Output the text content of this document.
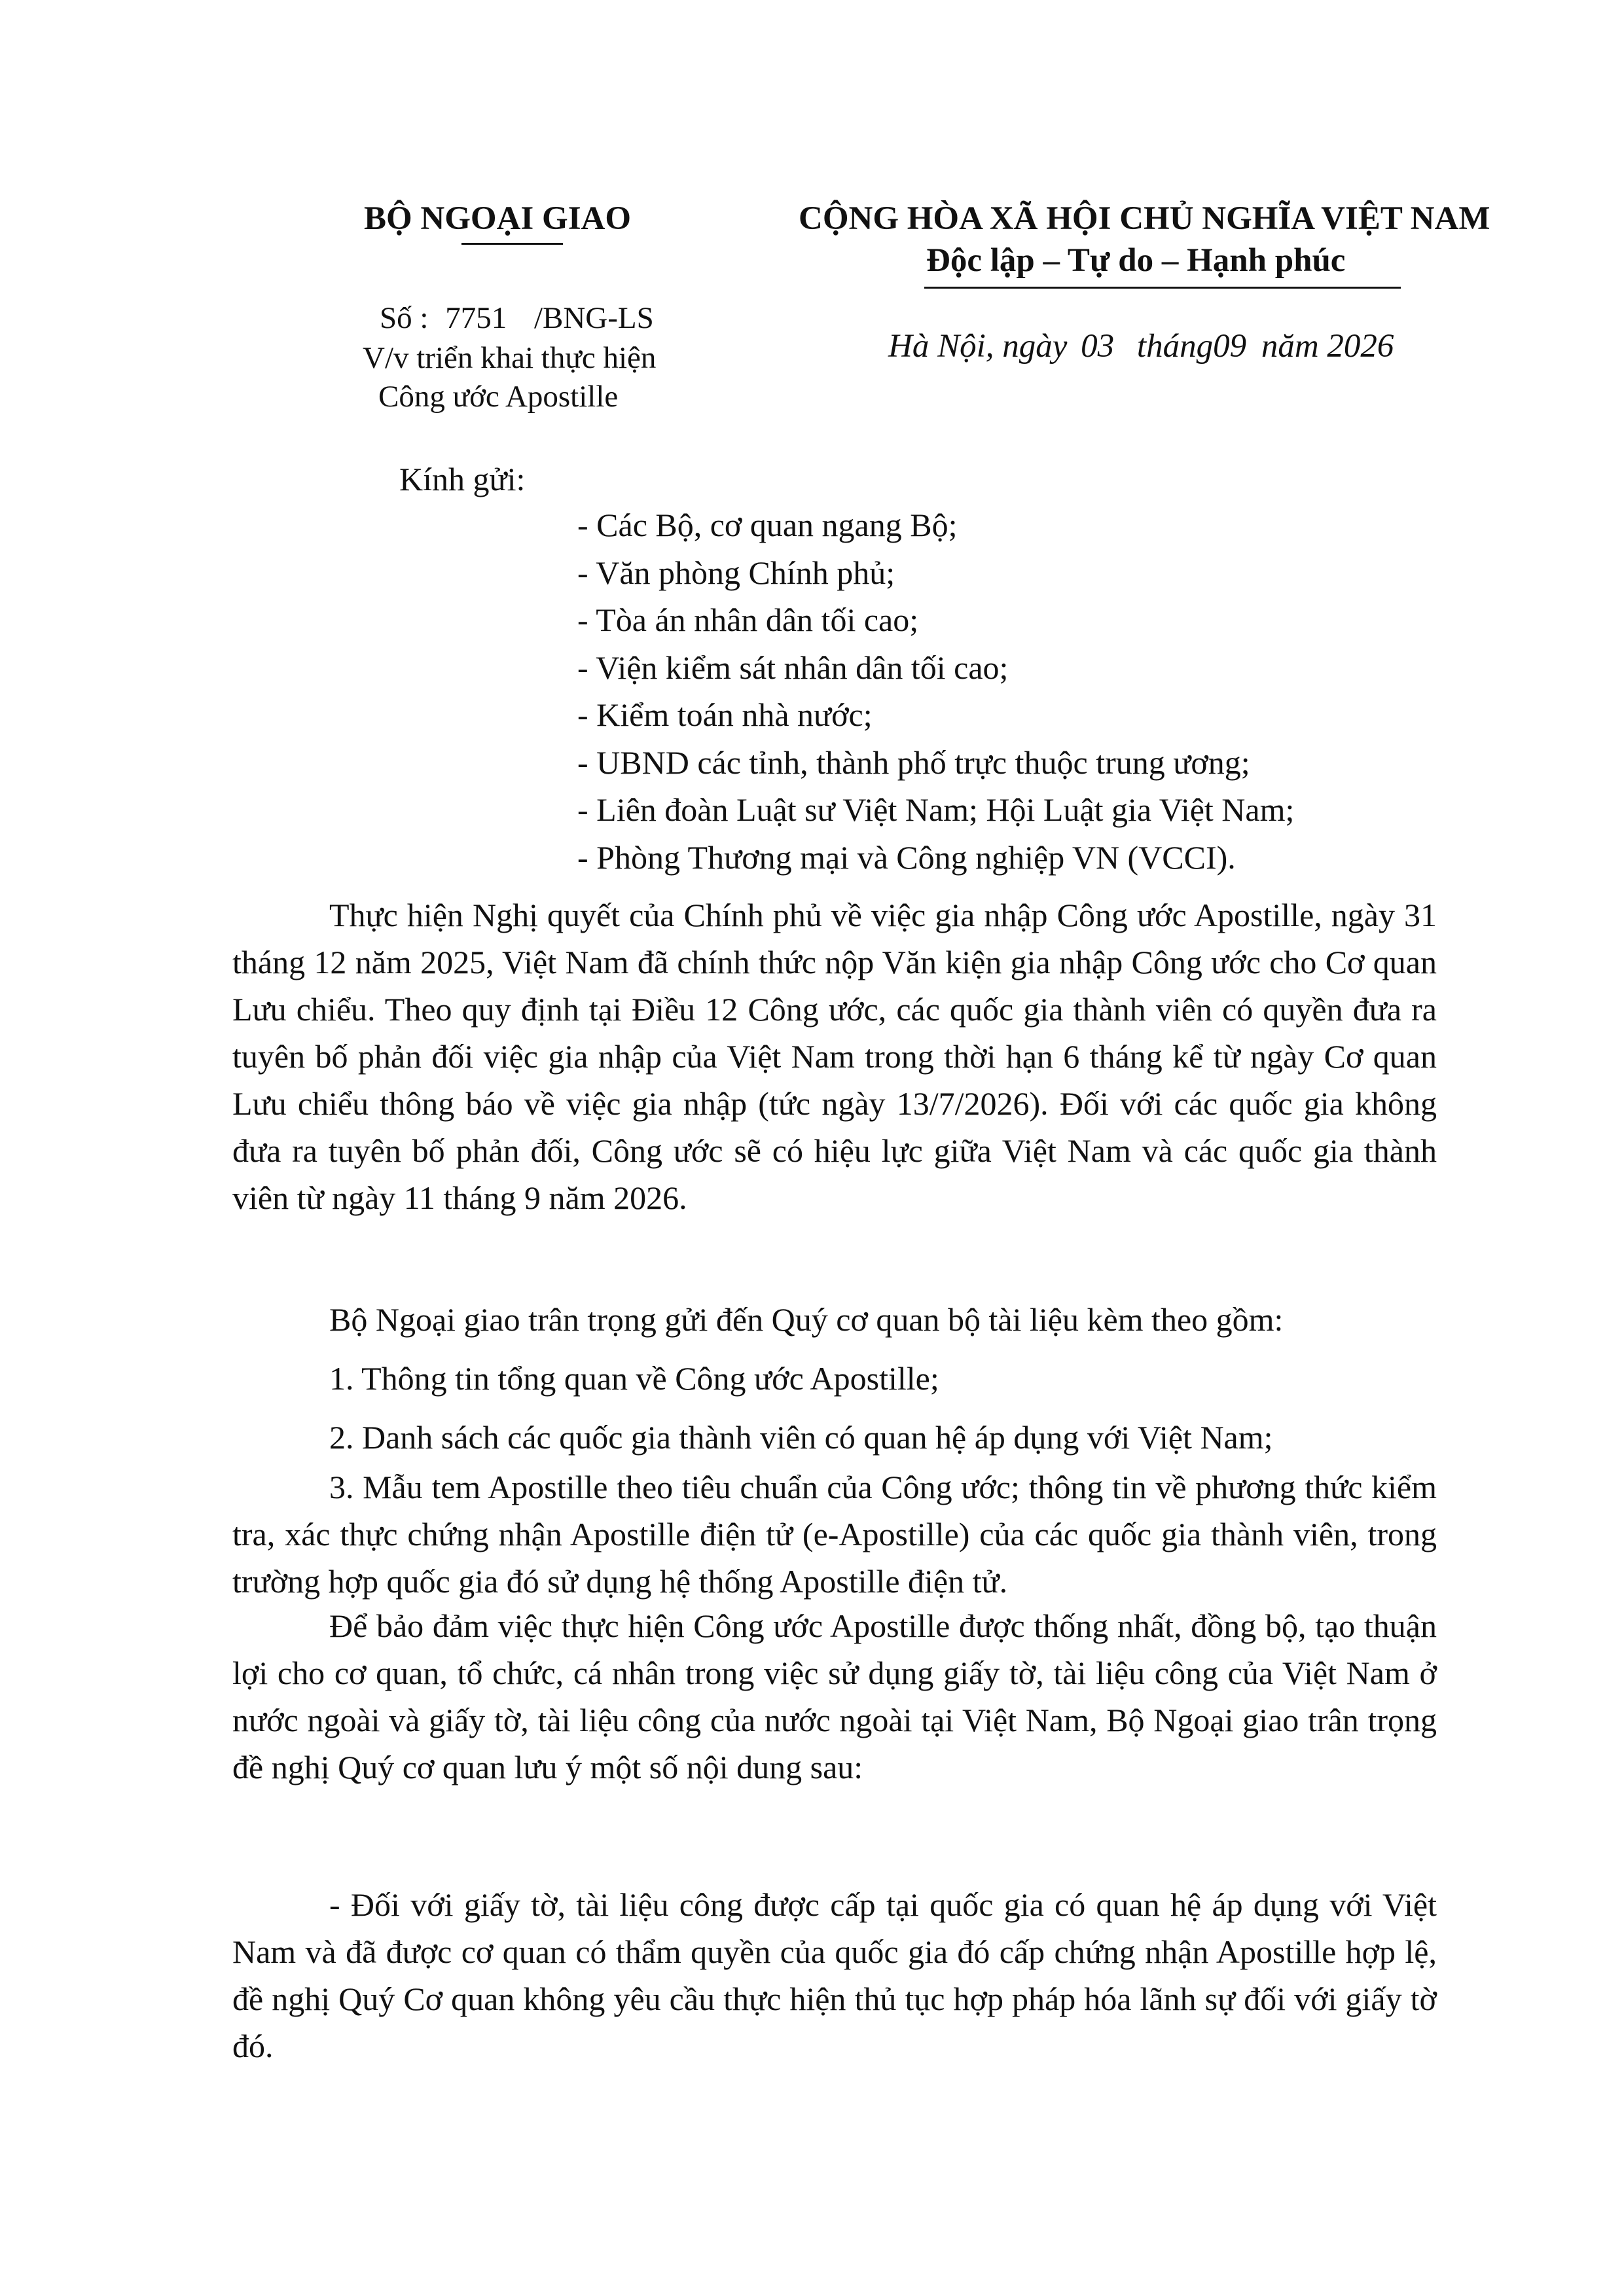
BỘ NGOẠI GIAO
Số : 7751 /BNG-LS
V/v triển khai thực hiện
Công ước Apostille
CỘNG HÒA XÃ HỘI CHỦ NGHĨA VIỆT NAM
Độc lập – Tự do – Hạnh phúc
Hà Nội, ngày 03 tháng09 năm 2026
Kính gửi:
- Các Bộ, cơ quan ngang Bộ;
- Văn phòng Chính phủ;
- Tòa án nhân dân tối cao;
- Viện kiểm sát nhân dân tối cao;
- Kiểm toán nhà nước;
- UBND các tỉnh, thành phố trực thuộc trung ương;
- Liên đoàn Luật sư Việt Nam; Hội Luật gia Việt Nam;
- Phòng Thương mại và Công nghiệp VN (VCCI).

Thực hiện Nghị quyết của Chính phủ về việc gia nhập Công ước Apostille, ngày 31 tháng 12 năm 2025, Việt Nam đã chính thức nộp Văn kiện gia nhập Công ước cho Cơ quan Lưu chiểu. Theo quy định tại Điều 12 Công ước, các quốc gia thành viên có quyền đưa ra tuyên bố phản đối việc gia nhập của Việt Nam trong thời hạn 6 tháng kể từ ngày Cơ quan Lưu chiểu thông báo về việc gia nhập (tức ngày 13/7/2026). Đối với các quốc gia không đưa ra tuyên bố phản đối, Công ước sẽ có hiệu lực giữa Việt Nam và các quốc gia thành viên từ ngày 11 tháng 9 năm 2026.

Bộ Ngoại giao trân trọng gửi đến Quý cơ quan bộ tài liệu kèm theo gồm:

1. Thông tin tổng quan về Công ước Apostille;

2. Danh sách các quốc gia thành viên có quan hệ áp dụng với Việt Nam;

3. Mẫu tem Apostille theo tiêu chuẩn của Công ước; thông tin về phương thức kiểm tra, xác thực chứng nhận Apostille điện tử (e-Apostille) của các quốc gia thành viên, trong trường hợp quốc gia đó sử dụng hệ thống Apostille điện tử.

Để bảo đảm việc thực hiện Công ước Apostille được thống nhất, đồng bộ, tạo thuận lợi cho cơ quan, tổ chức, cá nhân trong việc sử dụng giấy tờ, tài liệu công của Việt Nam ở nước ngoài và giấy tờ, tài liệu công của nước ngoài tại Việt Nam, Bộ Ngoại giao trân trọng đề nghị Quý cơ quan lưu ý một số nội dung sau:

- Đối với giấy tờ, tài liệu công được cấp tại quốc gia có quan hệ áp dụng với Việt Nam và đã được cơ quan có thẩm quyền của quốc gia đó cấp chứng nhận Apostille hợp lệ, đề nghị Quý Cơ quan không yêu cầu thực hiện thủ tục hợp pháp hóa lãnh sự đối với giấy tờ đó.
